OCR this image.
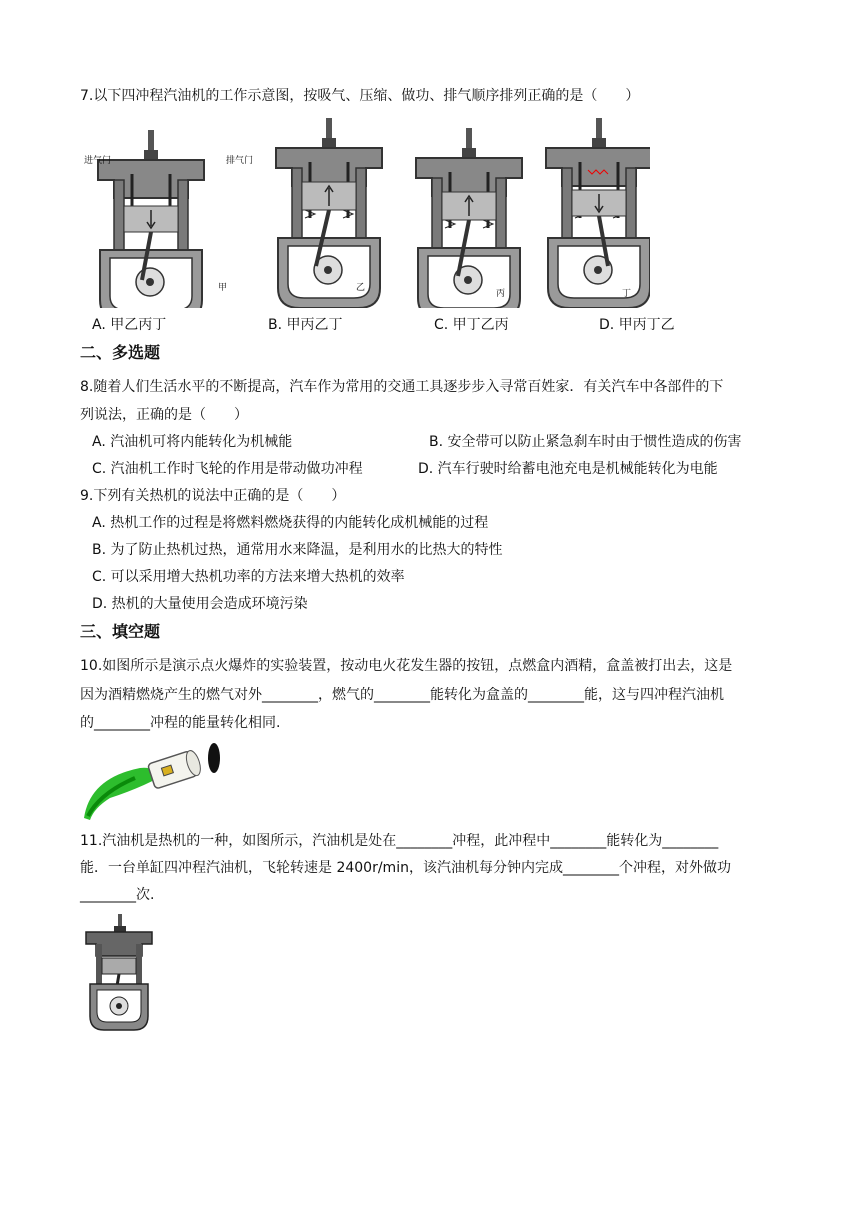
7.以下四冲程汽油机的工作示意图，按吸气、压缩、做功、排气顺序排列正确的是（　　）
进气门	排气门
甲	乙
丙	丁
A. 甲乙丙丁	B. 甲丙乙丁	C. 甲丁乙丙	D. 甲丙丁乙
二、多选题
8.随着人们生活水平的不断提高，汽车作为常用的交通工具逐步步入寻常百姓家．有关汽车中各部件的下
列说法，正确的是（　　）
A. 汽油机可将内能转化为机械能	B. 安全带可以防止紧急刹车时由于惯性造成的伤害
C. 汽油机工作时飞轮的作用是带动做功冲程	D. 汽车行驶时给蓄电池充电是机械能转化为电能
9.下列有关热机的说法中正确的是（　　）
A. 热机工作的过程是将燃料燃烧获得的内能转化成机械能的过程
B. 为了防止热机过热，通常用水来降温，是利用水的比热大的特性
C. 可以采用增大热机功率的方法来增大热机的效率
D. 热机的大量使用会造成环境污染
三、填空题
10.如图所示是演示点火爆炸的实验装置，按动电火花发生器的按钮，点燃盒内酒精，盒盖被打出去，这是
因为酒精燃烧产生的燃气对外________，燃气的________能转化为盒盖的________能，这与四冲程汽油机
的________冲程的能量转化相同.
11.汽油机是热机的一种，如图所示，汽油机是处在________冲程，此冲程中________能转化为________
能．一台单缸四冲程汽油机，飞轮转速是 2400r/min，该汽油机每分钟内完成________个冲程，对外做功
________次.
